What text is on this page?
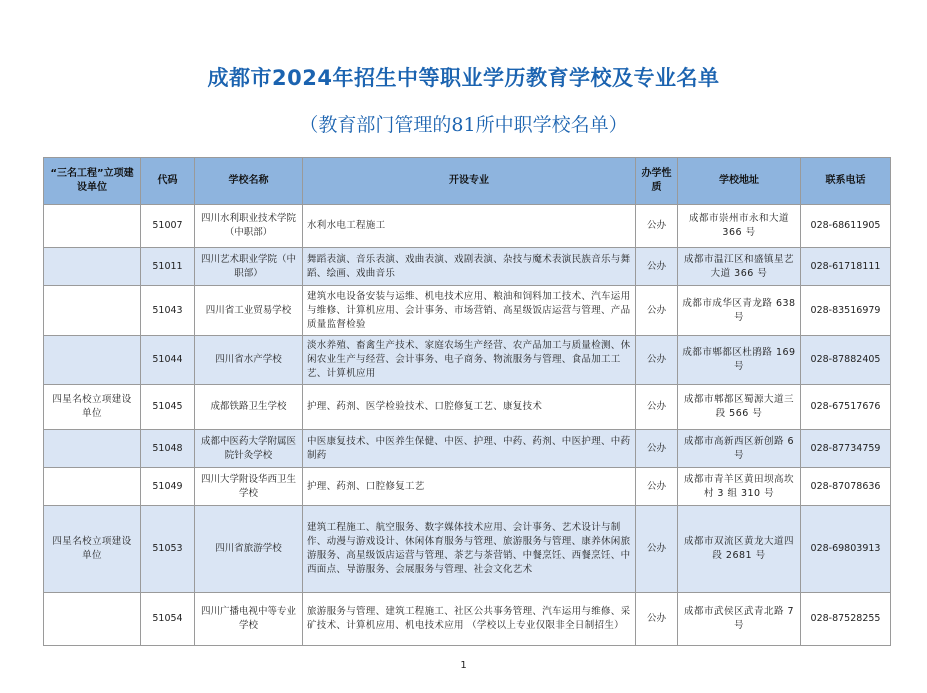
成都市2024年招生中等职业学历教育学校及专业名单
（教育部门管理的81所中职学校名单）
“三名工程”立项建设单位	代码	学校名称	开设专业	办学性质	学校地址	联系电话
	51007	四川水利职业技术学院（中职部）	水利水电工程施工	公办	成都市崇州市永和大道 366 号	028-68611905
	51011	四川艺术职业学院（中职部）	舞蹈表演、音乐表演、戏曲表演、戏剧表演、杂技与魔术表演民族音乐与舞蹈、绘画、戏曲音乐	公办	成都市温江区和盛镇星艺大道 366 号	028-61718111
	51043	四川省工业贸易学校	建筑水电设备安装与运维、机电技术应用、粮油和饲料加工技术、汽车运用与维修、计算机应用、会计事务、市场营销、高星级饭店运营与管理、产品质量监督检验	公办	成都市成华区青龙路 638 号	028-83516979
	51044	四川省水产学校	淡水养殖、畜禽生产技术、家庭农场生产经营、农产品加工与质量检测、休闲农业生产与经营、会计事务、电子商务、物流服务与管理、食品加工工艺、计算机应用	公办	成都市郫都区杜鹃路 169 号	028-87882405
四星名校立项建设单位	51045	成都铁路卫生学校	护理、药剂、医学检验技术、口腔修复工艺、康复技术	公办	成都市郫都区蜀源大道三段 566 号	028-67517676
	51048	成都中医药大学附属医院针灸学校	中医康复技术、中医养生保健、中医、护理、中药、药剂、中医护理、中药制药	公办	成都市高新西区新创路 6 号	028-87734759
	51049	四川大学附设华西卫生学校	护理、药剂、口腔修复工艺	公办	成都市青羊区黄田坝高坎村 3 组 310 号	028-87078636
四星名校立项建设单位	51053	四川省旅游学校	建筑工程施工、航空服务、数字媒体技术应用、会计事务、艺术设计与制作、动漫与游戏设计、休闲体育服务与管理、旅游服务与管理、康养休闲旅游服务、高星级饭店运营与管理、茶艺与茶营销、中餐烹饪、西餐烹饪、中西面点、导游服务、会展服务与管理、社会文化艺术	公办	成都市双流区黄龙大道四段 2681 号	028-69803913
	51054	四川广播电视中等专业学校	旅游服务与管理、建筑工程施工、社区公共事务管理、汽车运用与维修、采矿技术、计算机应用、机电技术应用 （学校以上专业仅限非全日制招生）	公办	成都市武侯区武青北路 7 号	028-87528255
1
